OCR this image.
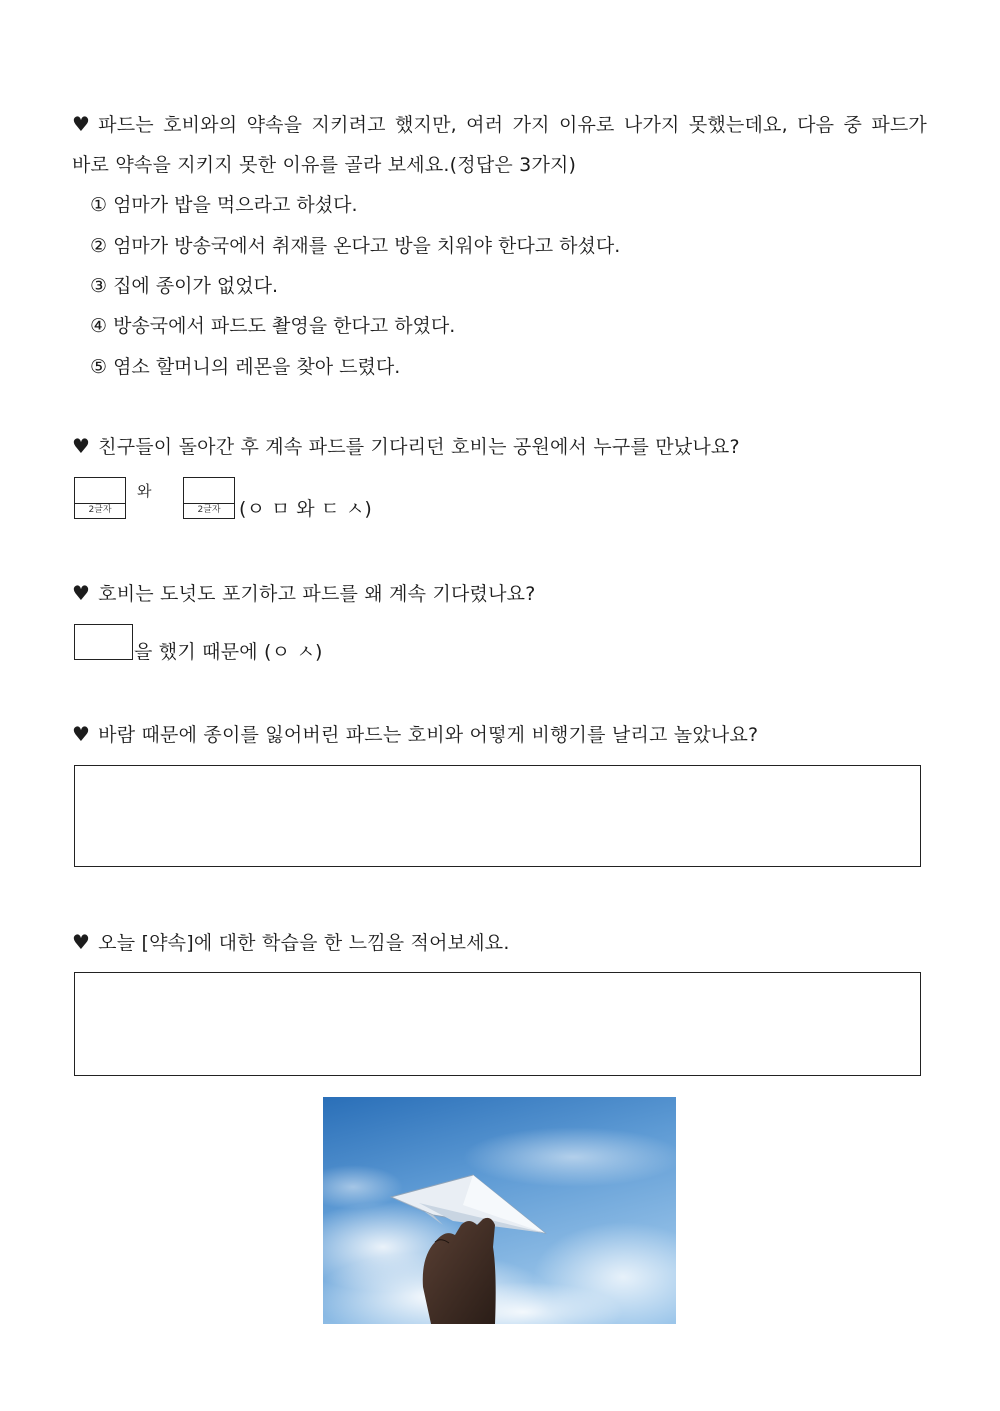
♥ 파드는 호비와의 약속을 지키려고 했지만, 여러 가지 이유로 나가지 못했는데요, 다음 중 파드가
바로 약속을 지키지 못한 이유를 골라 보세요.(정답은 3가지)
① 엄마가 밥을 먹으라고 하셨다.
② 엄마가 방송국에서 취재를 온다고 방을 치워야 한다고 하셨다.
③ 집에 종이가 없었다.
④ 방송국에서 파드도 촬영을 한다고 하였다.
⑤ 염소 할머니의 레몬을 찾아 드렸다.
♥ 친구들이 돌아간 후 계속 파드를 기다리던 호비는 공원에서 누구를 만났나요?
2글자
와
2글자 (ㅇ ㅁ 와 ㄷ ㅅ)
♥ 호비는 도넛도 포기하고 파드를 왜 계속 기다렸나요?
을 했기 때문에 (ㅇ ㅅ)
♥ 바람 때문에 종이를 잃어버린 파드는 호비와 어떻게 비행기를 날리고 놀았나요?
♥ 오늘 [약속]에 대한 학습을 한 느낌을 적어보세요.
